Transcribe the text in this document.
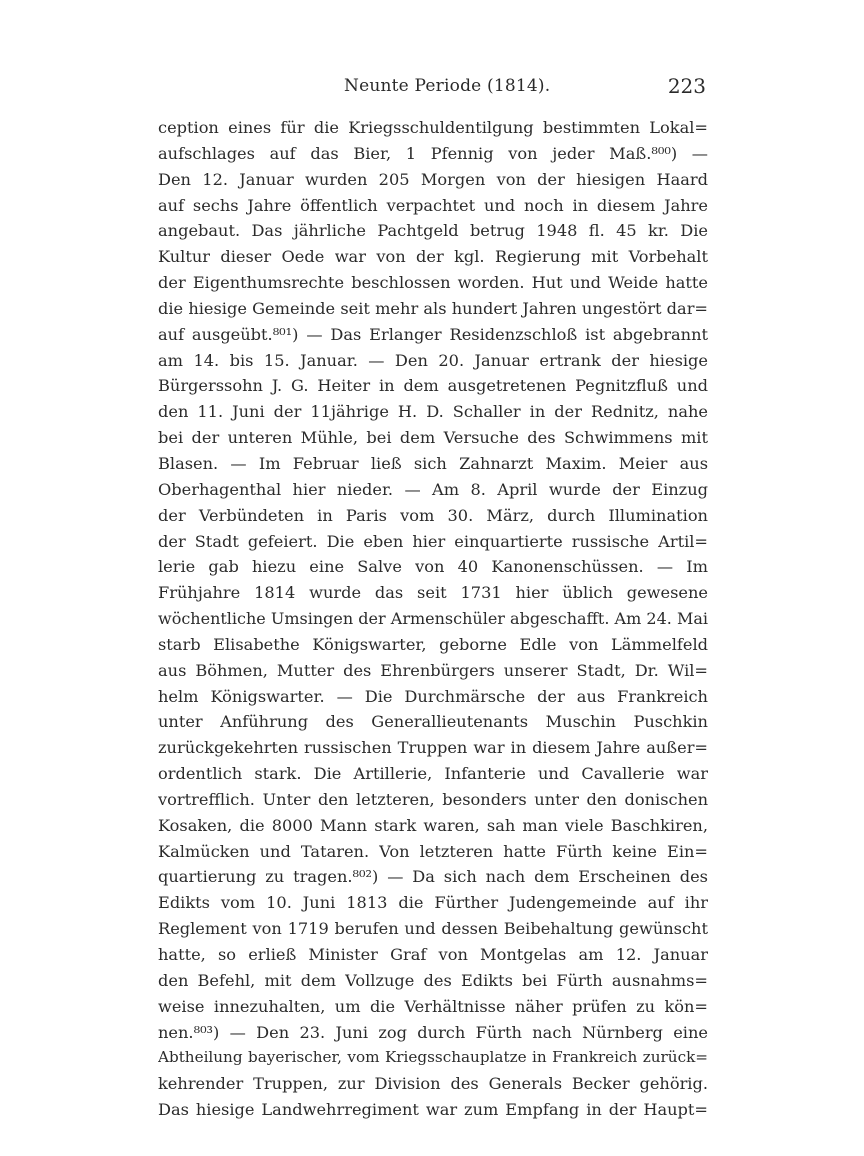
Neunte Periode (1814).	223
ception eines für die Kriegsschuldentilgung bestimmten Lokal=
aufschlages auf das Bier, 1 Pfennig von jeder Maß.⁸⁰⁰) —
Den 12. Januar wurden 205 Morgen von der hiesigen Haard
auf sechs Jahre öffentlich verpachtet und noch in diesem Jahre
angebaut. Das jährliche Pachtgeld betrug 1948 fl. 45 kr. Die
Kultur dieser Oede war von der kgl. Regierung mit Vorbehalt
der Eigenthumsrechte beschlossen worden. Hut und Weide hatte
die hiesige Gemeinde seit mehr als hundert Jahren ungestört dar=
auf ausgeübt.⁸⁰¹) — Das Erlanger Residenzschloß ist abgebrannt
am 14. bis 15. Januar. — Den 20. Januar ertrank der hiesige
Bürgerssohn J. G. Heiter in dem ausgetretenen Pegnitzfluß und
den 11. Juni der 11jährige H. D. Schaller in der Rednitz, nahe
bei der unteren Mühle, bei dem Versuche des Schwimmens mit
Blasen. — Im Februar ließ sich Zahnarzt Maxim. Meier aus
Oberhagenthal hier nieder. — Am 8. April wurde der Einzug
der Verbündeten in Paris vom 30. März, durch Illumination
der Stadt gefeiert. Die eben hier einquartierte russische Artil=
lerie gab hiezu eine Salve von 40 Kanonenschüssen. — Im
Frühjahre 1814 wurde das seit 1731 hier üblich gewesene
wöchentliche Umsingen der Armenschüler abgeschafft. Am 24. Mai
starb Elisabethe Königswarter, geborne Edle von Lämmelfeld
aus Böhmen, Mutter des Ehrenbürgers unserer Stadt, Dr. Wil=
helm Königswarter. — Die Durchmärsche der aus Frankreich
unter Anführung des Generallieutenants Muschin Puschkin
zurückgekehrten russischen Truppen war in diesem Jahre außer=
ordentlich stark. Die Artillerie, Infanterie und Cavallerie war
vortrefflich. Unter den letzteren, besonders unter den donischen
Kosaken, die 8000 Mann stark waren, sah man viele Baschkiren,
Kalmücken und Tataren. Von letzteren hatte Fürth keine Ein=
quartierung zu tragen.⁸⁰²) — Da sich nach dem Erscheinen des
Edikts vom 10. Juni 1813 die Fürther Judengemeinde auf ihr
Reglement von 1719 berufen und dessen Beibehaltung gewünscht
hatte, so erließ Minister Graf von Montgelas am 12. Januar
den Befehl, mit dem Vollzuge des Edikts bei Fürth ausnahms=
weise innezuhalten, um die Verhältnisse näher prüfen zu kön=
nen.⁸⁰³) — Den 23. Juni zog durch Fürth nach Nürnberg eine
Abtheilung bayerischer, vom Kriegsschauplatze in Frankreich zurück=
kehrender Truppen, zur Division des Generals Becker gehörig.
Das hiesige Landwehrregiment war zum Empfang in der Haupt=
